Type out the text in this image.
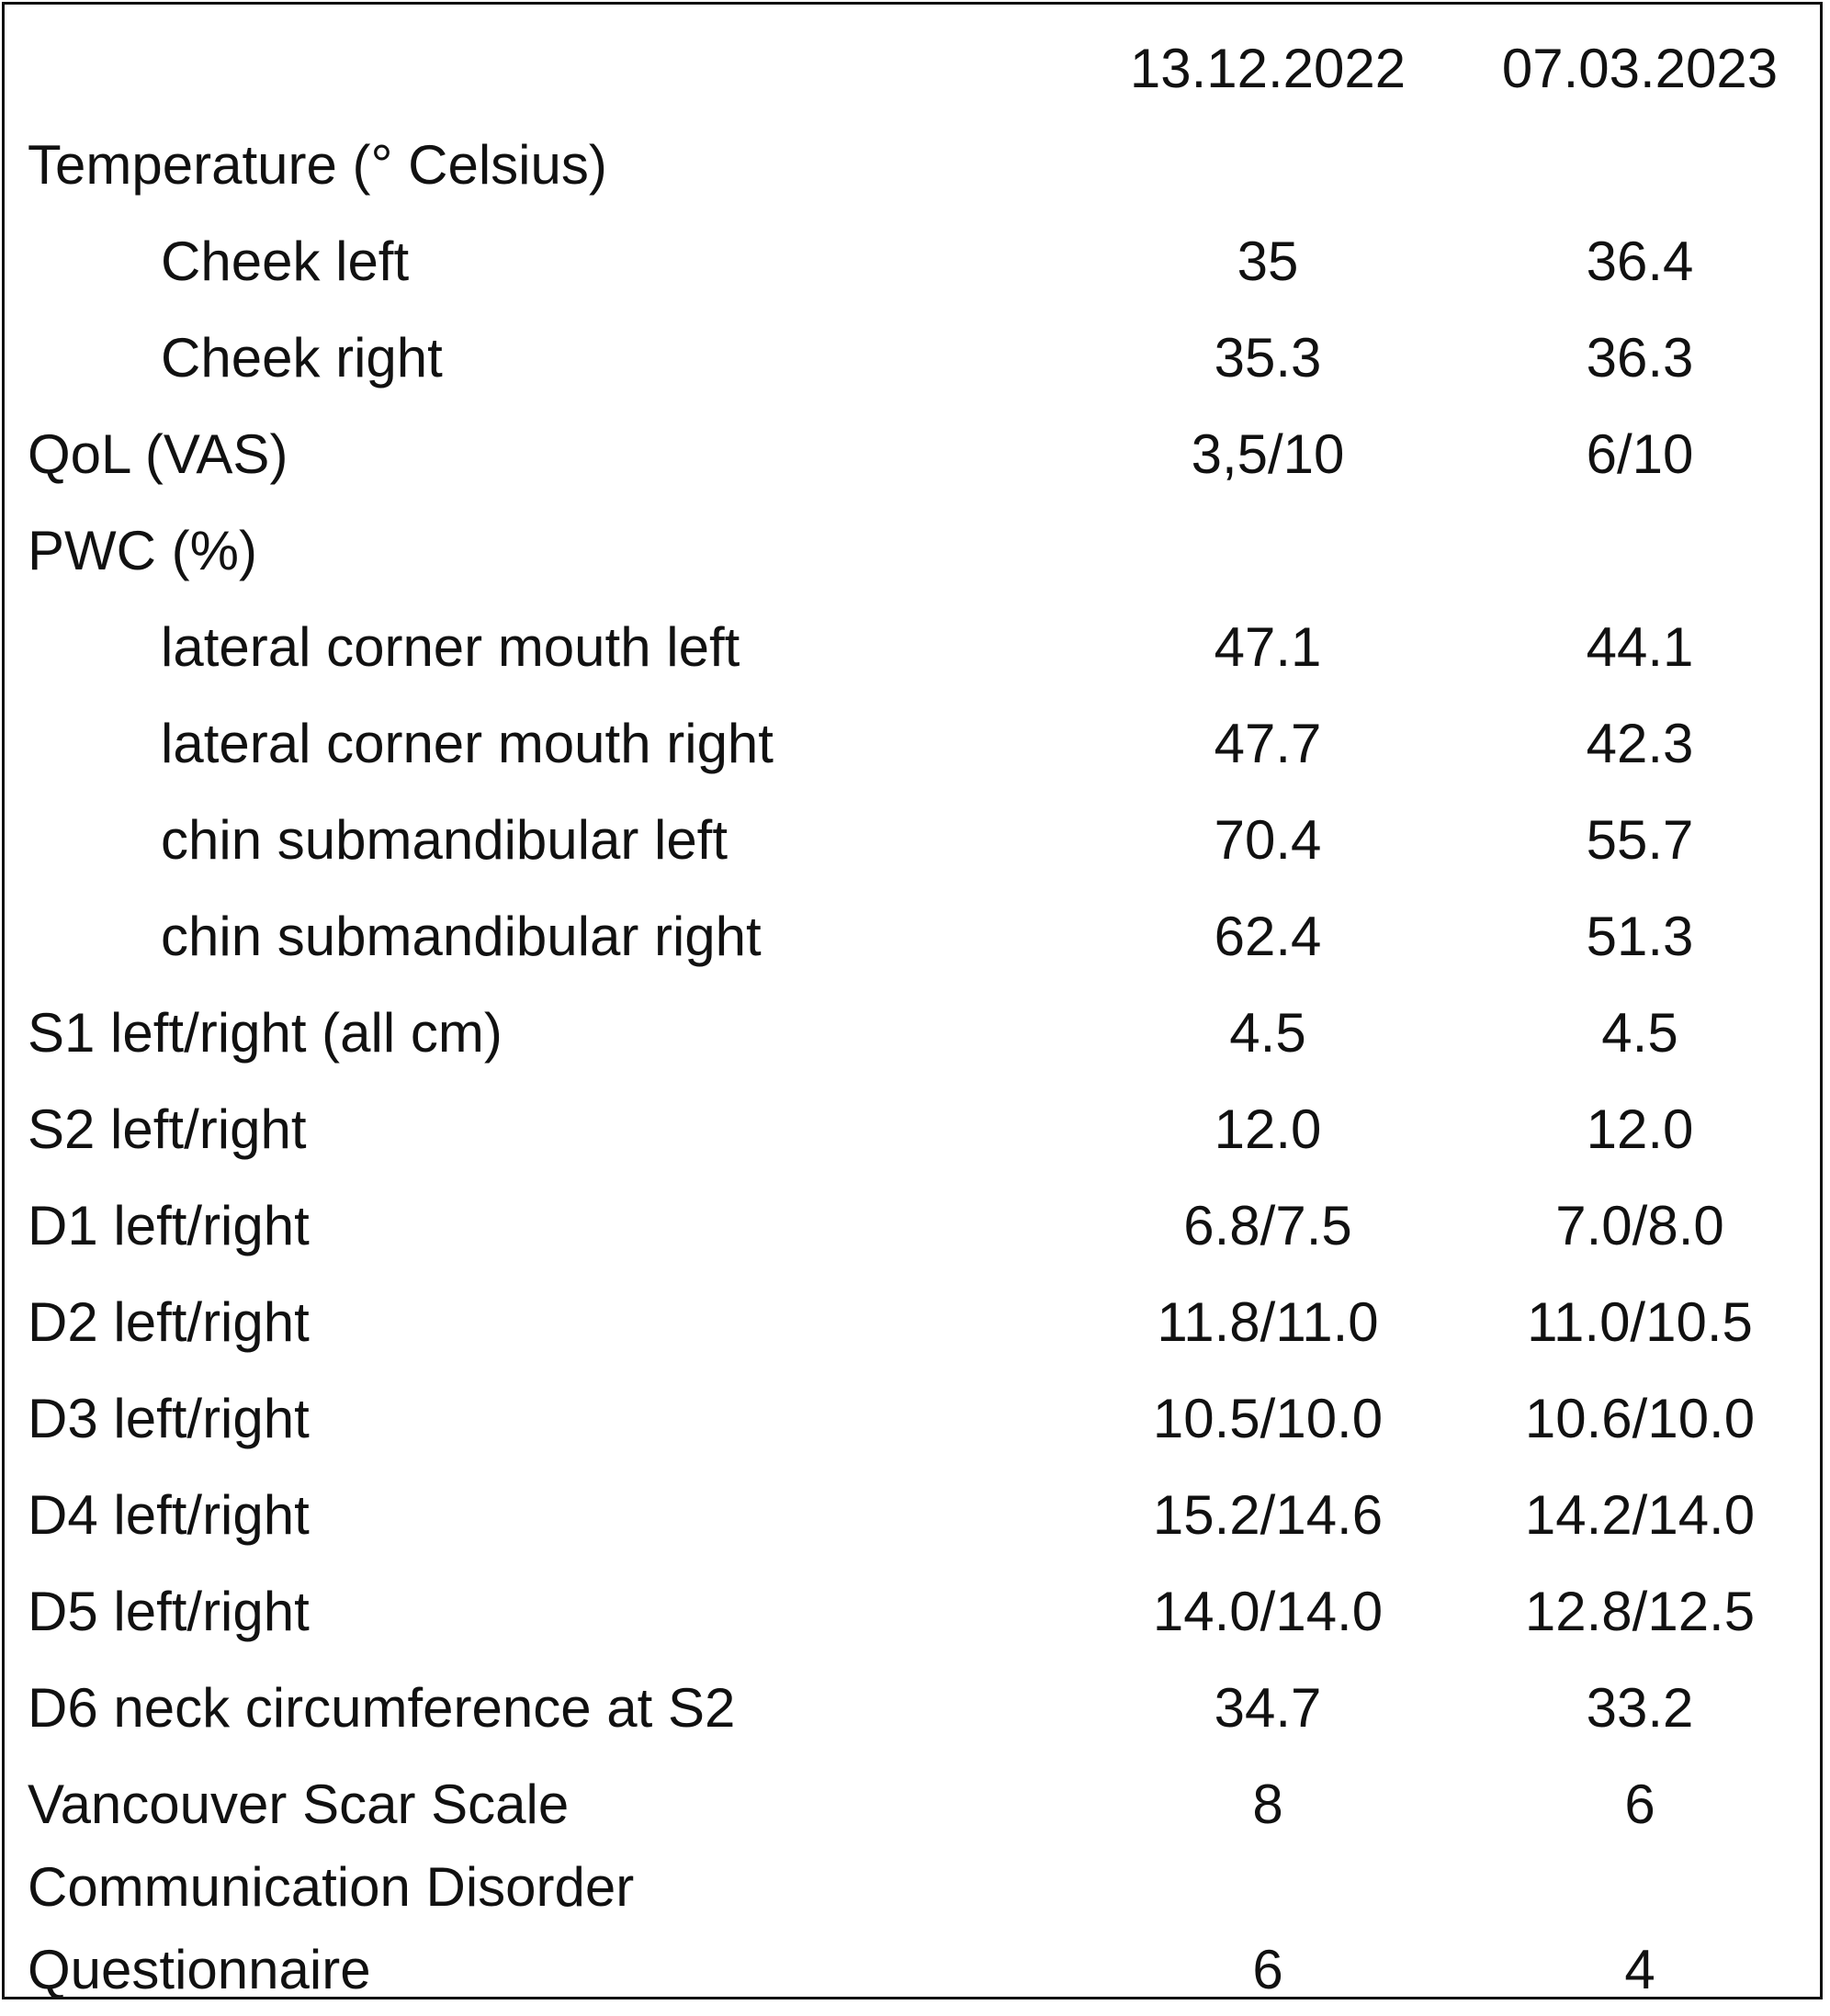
13.12.2022	07.03.2023
Temperature (° Celsius)
Cheek left	35	36.4
Cheek right	35.3	36.3
QoL (VAS)	3,5/10	6/10
PWC (%)
lateral corner mouth left	47.1	44.1
lateral corner mouth right	47.7	42.3
chin submandibular left	70.4	55.7
chin submandibular right	62.4	51.3
S1 left/right (all cm)	4.5	4.5
S2 left/right	12.0	12.0
D1 left/right	6.8/7.5	7.0/8.0
D2 left/right	11.8/11.0	11.0/10.5
D3 left/right	10.5/10.0	10.6/10.0
D4 left/right	15.2/14.6	14.2/14.0
D5 left/right	14.0/14.0	12.8/12.5
D6 neck circumference at S2	34.7	33.2
Vancouver Scar Scale	8	6
Communication Disorder
Questionnaire	6	4
